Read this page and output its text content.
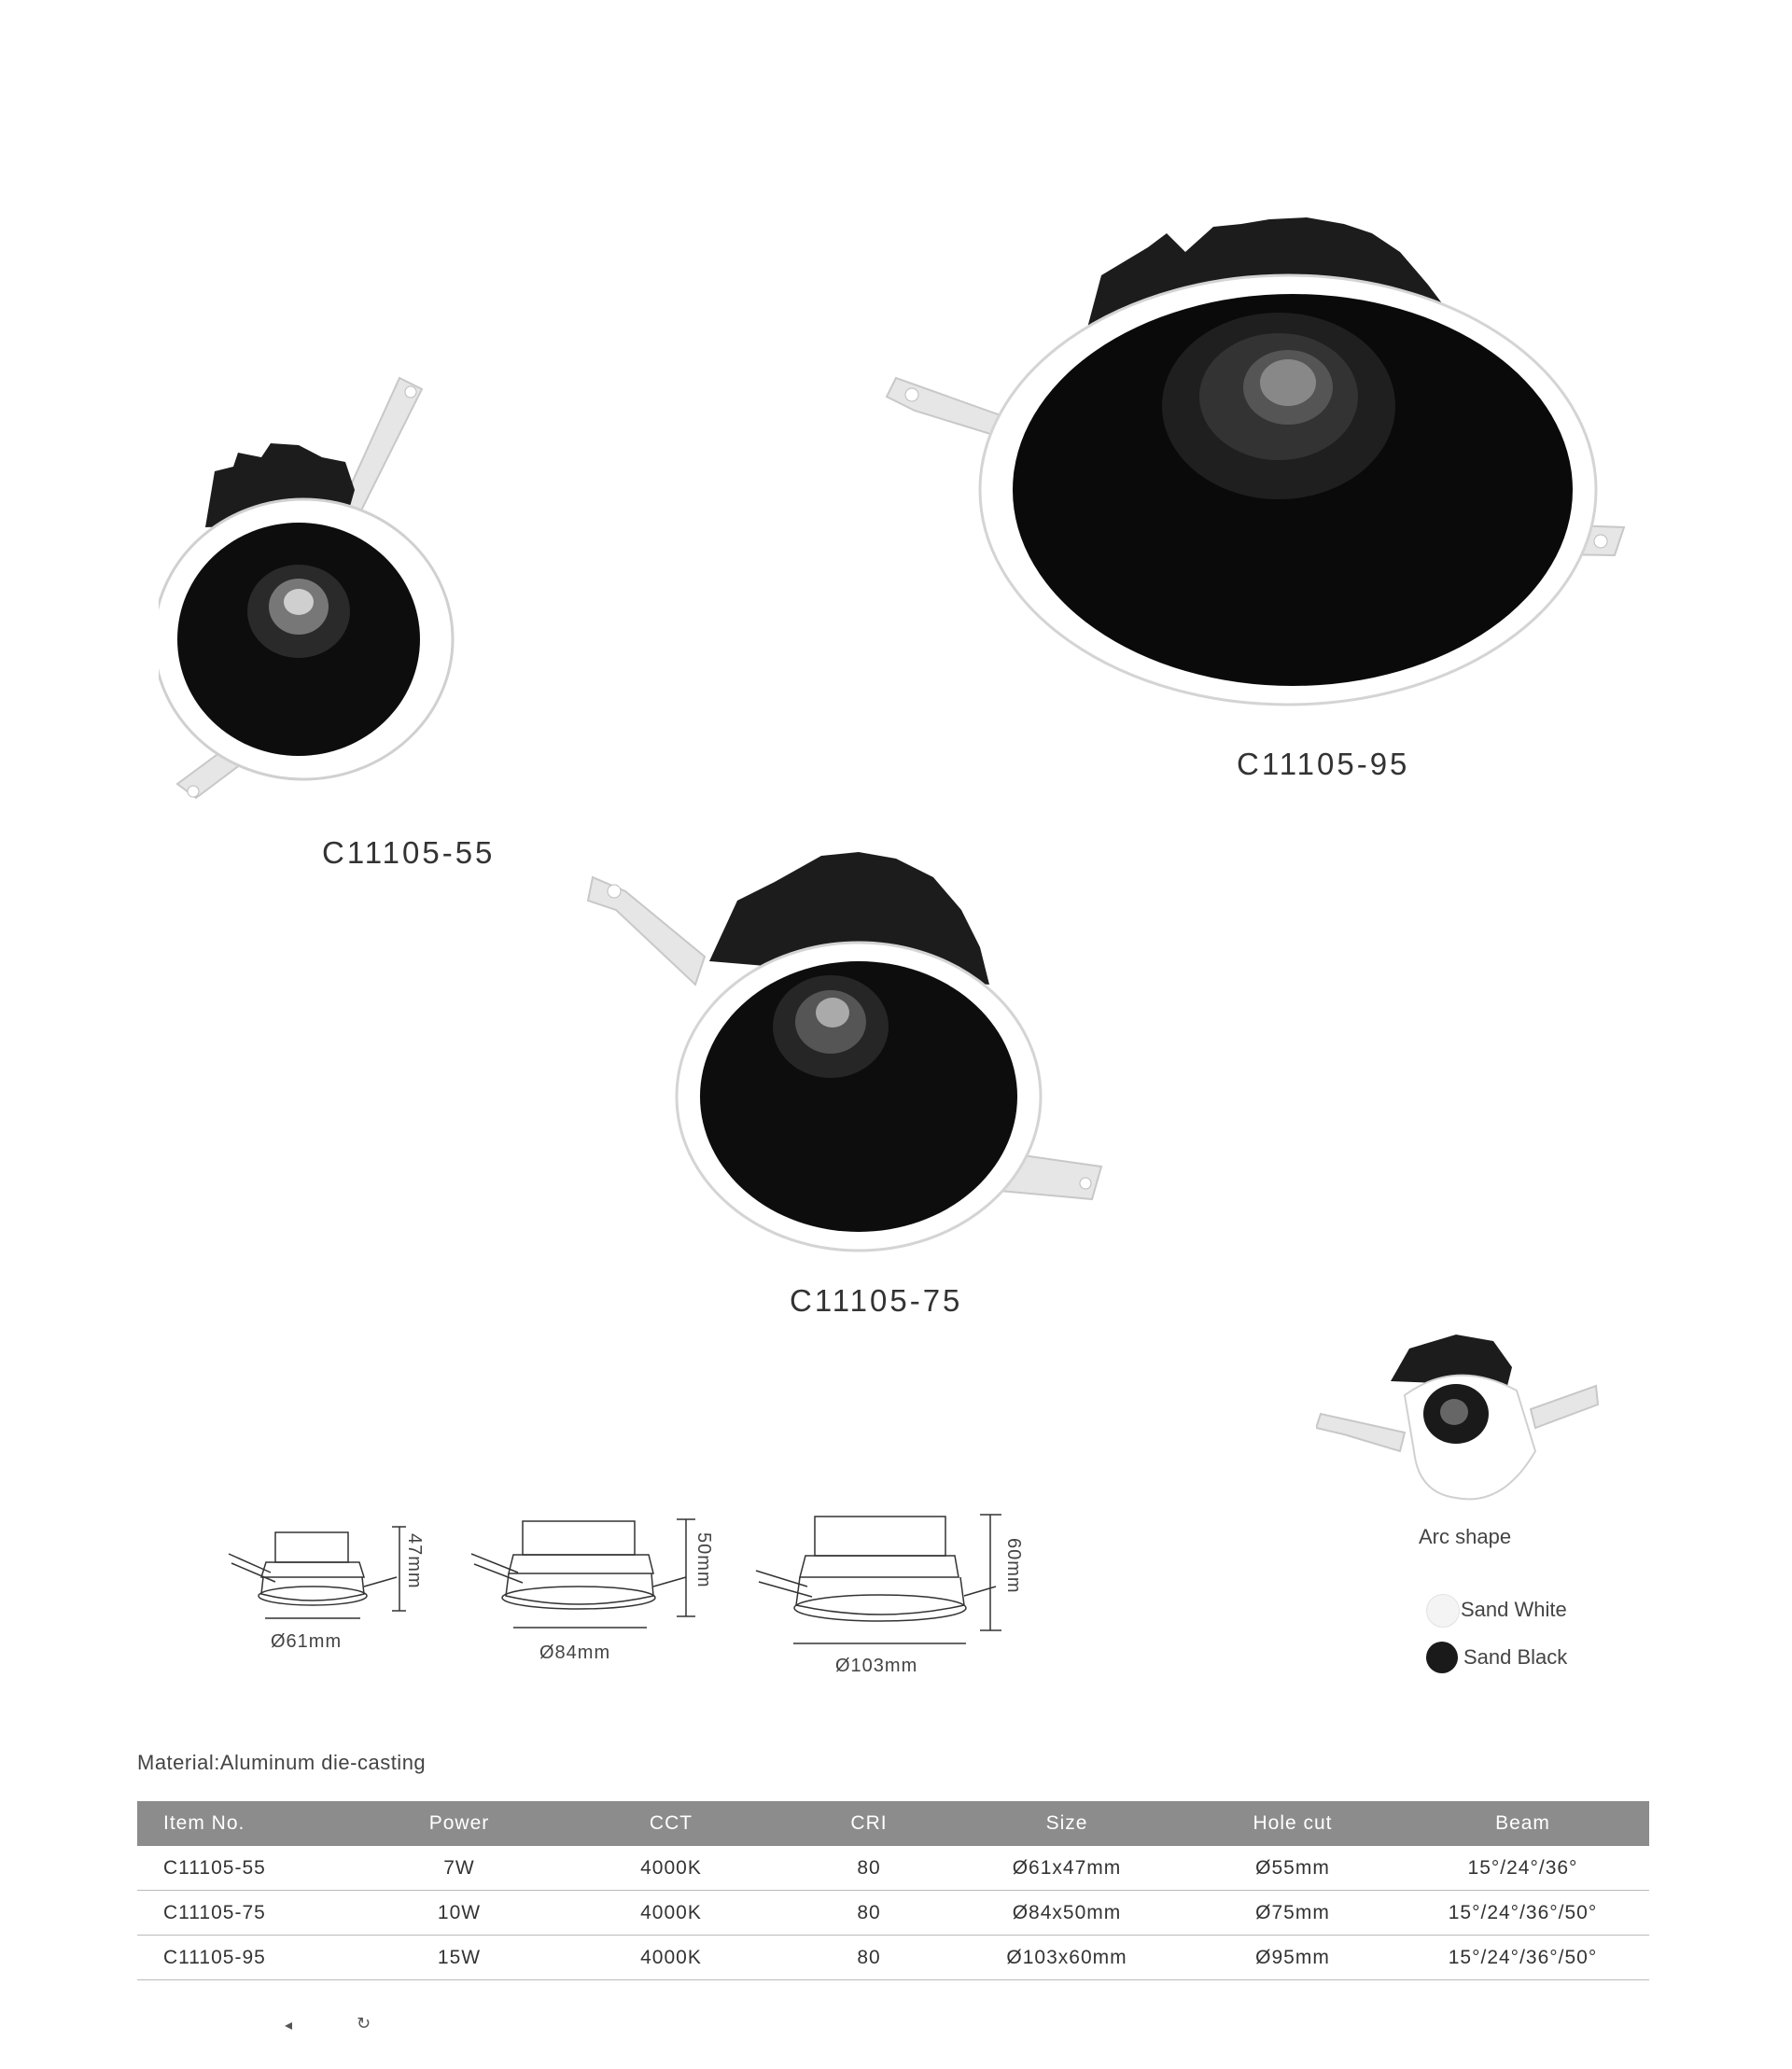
C11105-55
C11105-95
C11105-75
Arc shape
Sand White
Sand Black
47mm
Ø61mm
50mm
Ø84mm
60mm
Ø103mm
Material:Aluminum die-casting
Item No.	Power	CCT	CRI	Size	Hole cut	Beam
C11105-55	7W	4000K	80	Ø61x47mm	Ø55mm	15°/24°/36°
C11105-75	10W	4000K	80	Ø84x50mm	Ø75mm	15°/24°/36°/50°
C11105-95	15W	4000K	80	Ø103x60mm	Ø95mm	15°/24°/36°/50°
◂	↻
